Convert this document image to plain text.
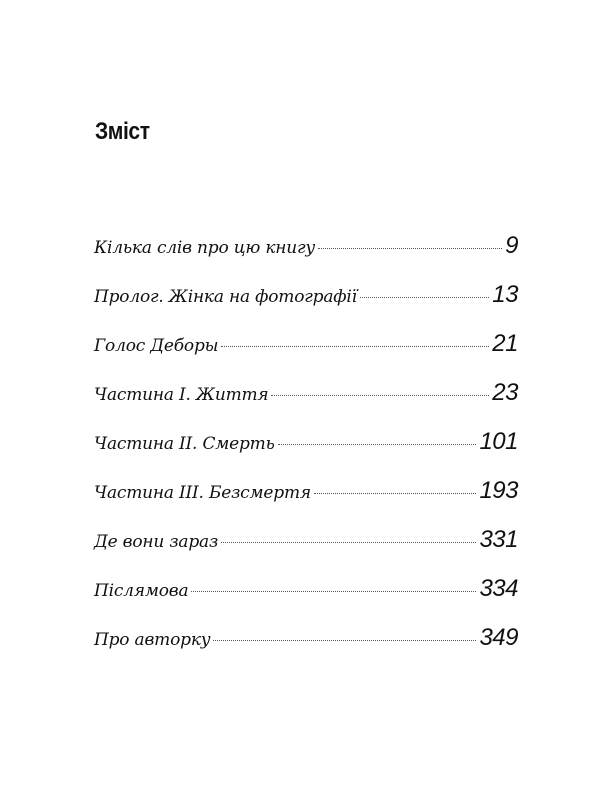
Зміст
Кілька слів про цю книгу	9
Пролог. Жінка на фотографії	13
Голос Деборы	21
Частина І. Життя	23
Частина ІІ. Смерть	101
Частина ІІІ. Безсмертя	193
Де вони зараз	331
Післямова	334
Про авторку	349
